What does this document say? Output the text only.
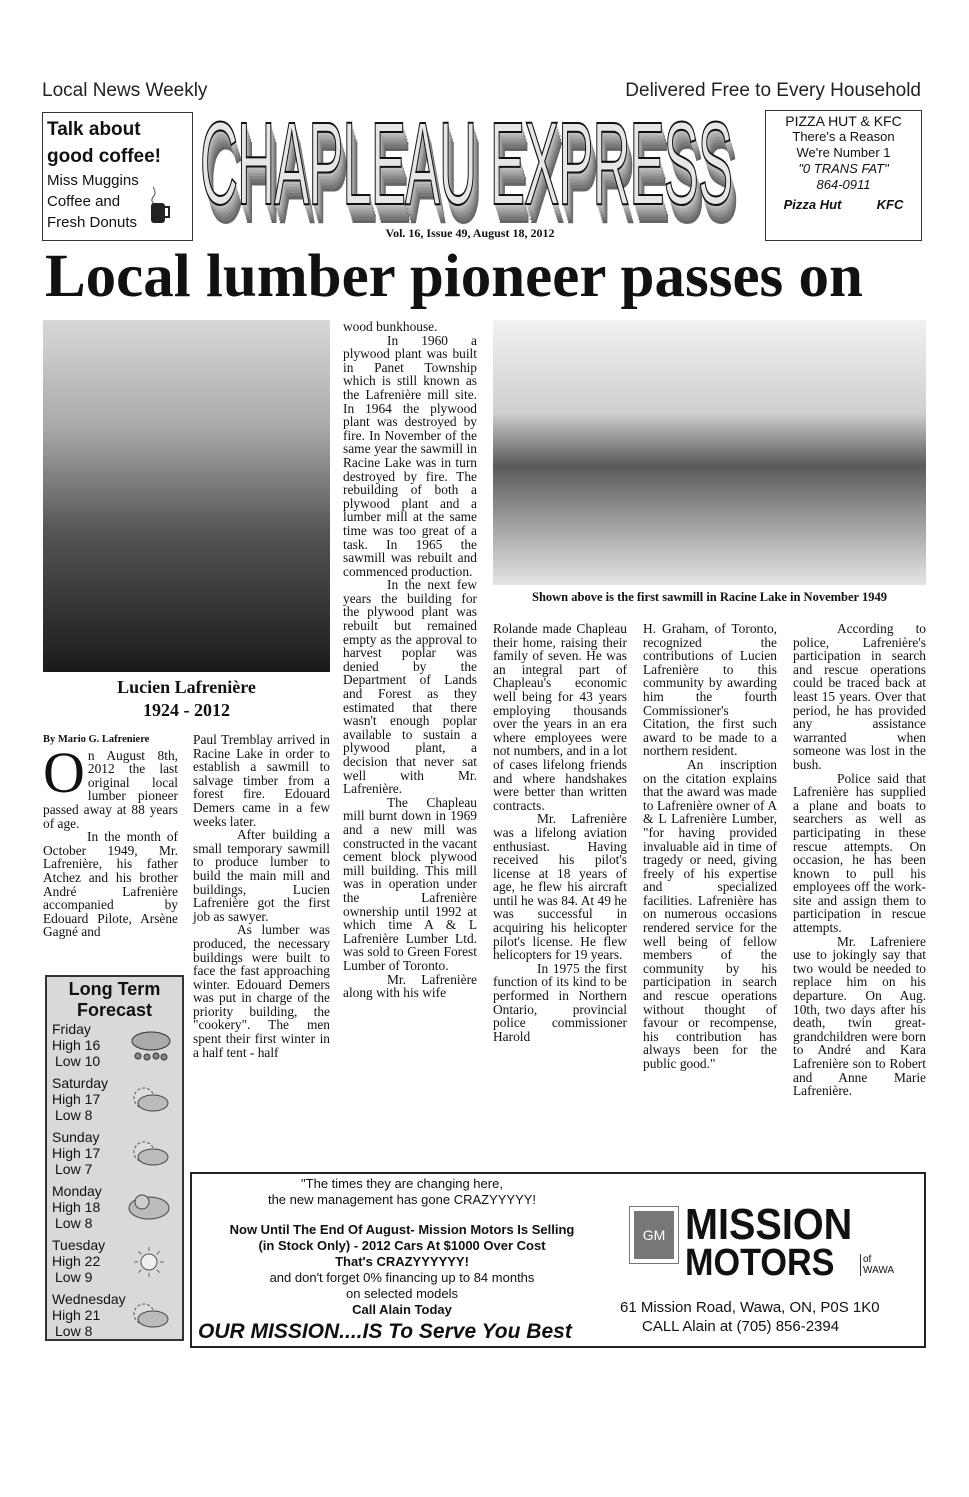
Local News Weekly	Delivered Free to Every Household
Talk about
good coffee!
Miss Muggins
Coffee and
Fresh Donuts CHAPLEAU EXPRESS
Vol. 16, Issue 49, August 18, 2012
PIZZA HUT & KFC
There's a Reason
We're Number 1
"0 TRANS FAT"
864-0911
Pizza Hut	KFC
Local lumber pioneer passes on
Lucien Lafrenière
1924 - 2012
Shown above is the first sawmill in Racine Lake in November 1949
By Mario G. Lafreniere
O n August 8th, 2012 the last original local lumber pioneer passed away at 88 years of age.

In the month of October 1949, Mr. Lafrenière, his father Atchez and his brother André Lafrenière accompanied by Edouard Pilote, Arsène Gagné and

Paul Tremblay arrived in Racine Lake in order to establish a sawmill to salvage timber from a forest fire. Edouard Demers came in a few weeks later.

After building a small temporary sawmill to produce lumber to build the main mill and buildings, Lucien Lafrenière got the first job as sawyer.

As lumber was produced, the necessary buildings were built to face the fast approaching winter. Edouard Demers was put in charge of the priority building, the "cookery". The men spent their first winter in a half tent - half

wood bunkhouse.

In 1960 a plywood plant was built in Panet Township which is still known as the Lafrenière mill site. In 1964 the plywood plant was destroyed by fire. In November of the same year the sawmill in Racine Lake was in turn destroyed by fire. The rebuilding of both a plywood plant and a lumber mill at the same time was too great of a task. In 1965 the sawmill was rebuilt and commenced production.

In the next few years the building for the plywood plant was rebuilt but remained empty as the approval to harvest poplar was denied by the Department of Lands and Forest as they estimated that there wasn't enough poplar available to sustain a plywood plant, a decision that never sat well with Mr. Lafrenière.

The Chapleau mill burnt down in 1969 and a new mill was constructed in the vacant cement block plywood mill building. This mill was in operation under the Lafrenière ownership until 1992 at which time A & L Lafrenière Lumber Ltd. was sold to Green Forest Lumber of Toronto.

Mr. Lafrenière along with his wife

Rolande made Chapleau their home, raising their family of seven. He was an integral part of Chapleau's economic well being for 43 years employing thousands over the years in an era where employees were not numbers, and in a lot of cases lifelong friends and where handshakes were better than written contracts.

Mr. Lafrenière was a lifelong aviation enthusiast. Having received his pilot's license at 18 years of age, he flew his aircraft until he was 84. At 49 he was successful in acquiring his helicopter pilot's license. He flew helicopters for 19 years.

In 1975 the first function of its kind to be performed in Northern Ontario, provincial police commissioner Harold

H. Graham, of Toronto, recognized the contributions of Lucien Lafrenière to this community by awarding him the fourth Commissioner's Citation, the first such award to be made to a northern resident.

An inscription on the citation explains that the award was made to Lafrenière owner of A & L Lafrenière Lumber, "for having provided invaluable aid in time of tragedy or need, giving freely of his expertise and specialized facilities. Lafrenière has on numerous occasions rendered service for the well being of fellow members of the community by his participation in search and rescue operations without thought of favour or recompense, his contribution has always been for the public good."

According to police, Lafrenière's participation in search and rescue operations could be traced back at least 15 years. Over that period, he has provided any assistance warranted when someone was lost in the bush.

Police said that Lafrenière has supplied a plane and boats to searchers as well as participating in these rescue attempts. On occasion, he has been known to pull his employees off the work-site and assign them to participation in rescue attempts.

Mr. Lafreniere use to jokingly say that two would be needed to replace him on his departure. On Aug. 10th, two days after his death, twin great-grandchildren were born to André and Kara Lafrenière son to Robert and Anne Marie Lafrenière.

Long Term Forecast
Friday
High 16
Low 10
Saturday
High 17
Low 8
Sunday
High 17
Low 7
Monday
High 18
Low 8
Tuesday
High 22
Low 9
Wednesday
High 21
Low 8
"The times they are changing here,
the new management has gone CRAZYYYYY!
Now Until The End Of August- Mission Motors Is Selling
(in Stock Only) - 2012 Cars At $1000 Over Cost
That's CRAZYYYYYY!
and don't forget 0% financing up to 84 months
on selected models
Call Alain Today
OUR MISSION....IS To Serve You Best
GM MISSION
MOTORS	of
WAWA
61 Mission Road, Wawa, ON, P0S 1K0
CALL Alain at (705) 856-2394
